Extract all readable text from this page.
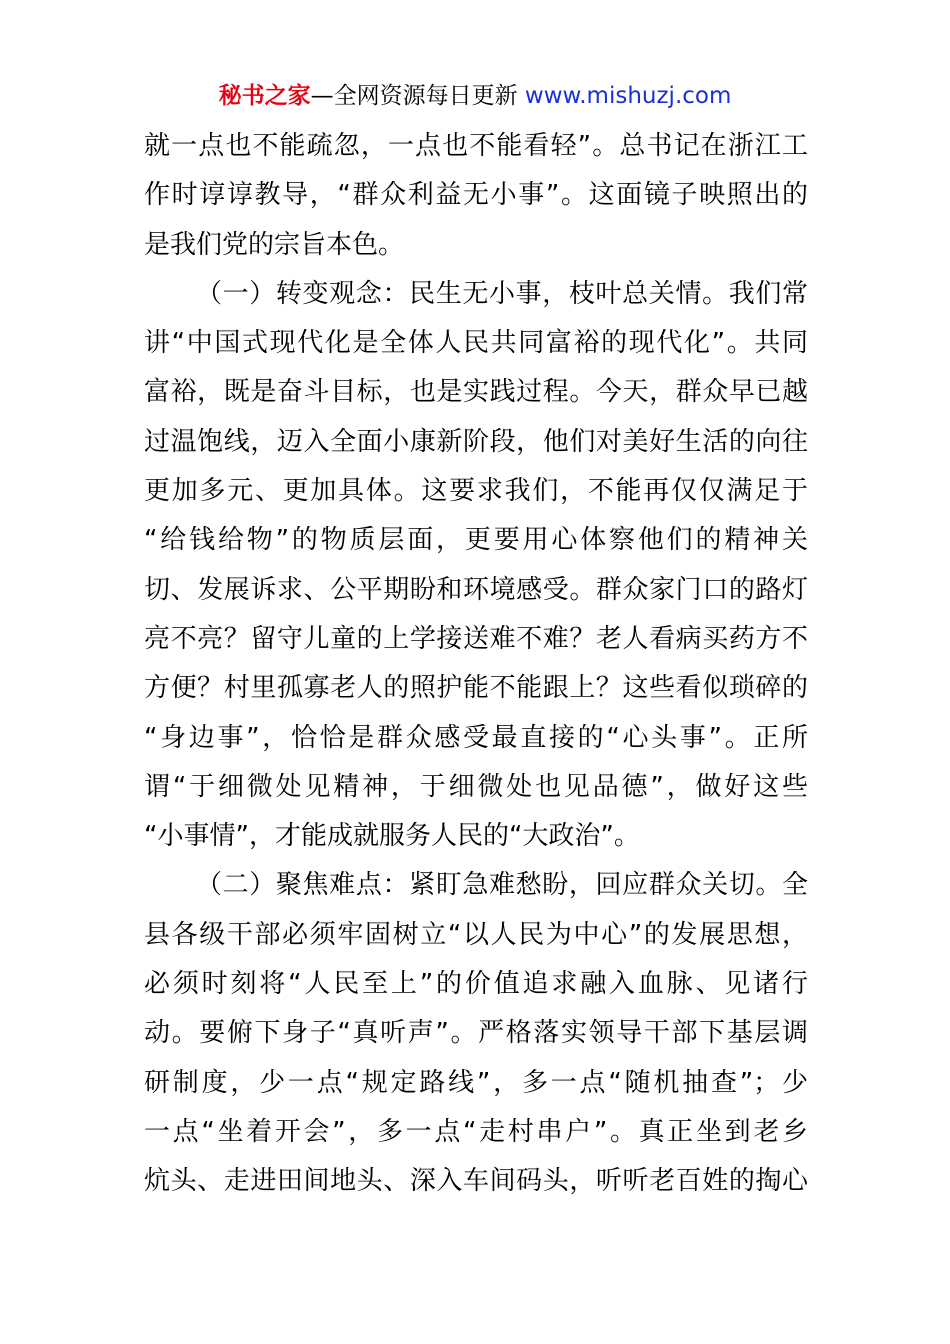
秘书之家—全网资源每日更新 www.mishuzj.com
就一点也不能疏忽，一点也不能看轻”。总书记在浙江工
作时谆谆教导，“群众利益无小事”。这面镜子映照出的
是我们党的宗旨本色。
（一）转变观念：民生无小事，枝叶总关情。我们常
讲“中国式现代化是全体人民共同富裕的现代化”。共同
富裕，既是奋斗目标，也是实践过程。今天，群众早已越
过温饱线，迈入全面小康新阶段，他们对美好生活的向往
更加多元、更加具体。这要求我们，不能再仅仅满足于
“给钱给物”的物质层面，更要用心体察他们的精神关
切、发展诉求、公平期盼和环境感受。群众家门口的路灯
亮不亮？留守儿童的上学接送难不难？老人看病买药方不
方便？村里孤寡老人的照护能不能跟上？这些看似琐碎的
“身边事”，恰恰是群众感受最直接的“心头事”。正所
谓“于细微处见精神，于细微处也见品德”，做好这些
“小事情”，才能成就服务人民的“大政治”。
（二）聚焦难点：紧盯急难愁盼，回应群众关切。全
县各级干部必须牢固树立“以人民为中心”的发展思想，
必须时刻将“人民至上”的价值追求融入血脉、见诸行
动。要俯下身子“真听声”。严格落实领导干部下基层调
研制度，少一点“规定路线”，多一点“随机抽查”；少
一点“坐着开会”，多一点“走村串户”。真正坐到老乡
炕头、走进田间地头、深入车间码头，听听老百姓的掏心
